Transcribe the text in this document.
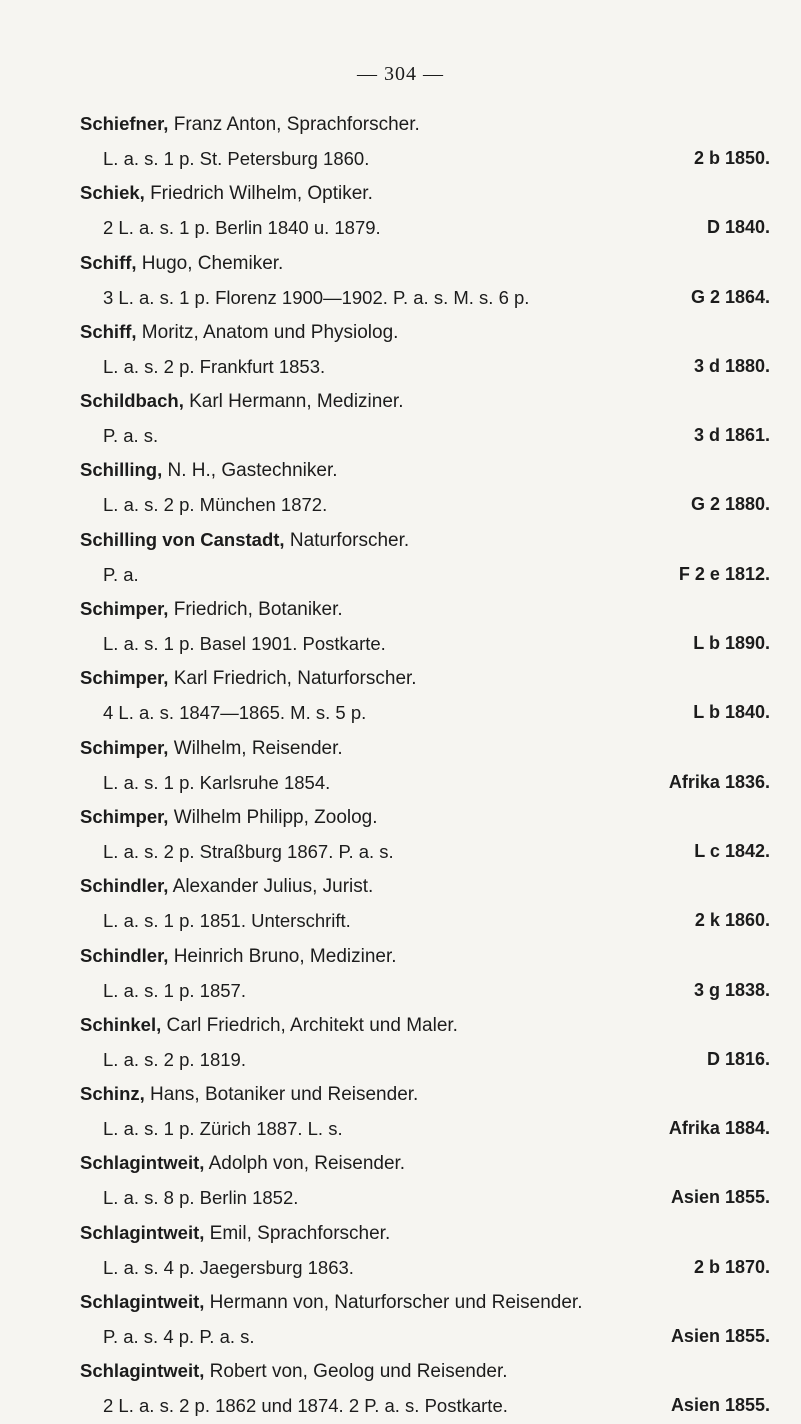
— 304 —
Schiefner, Franz Anton, Sprachforscher.
L. a. s. 1 p. St. Petersburg 1860.	2 b 1850.
Schiek, Friedrich Wilhelm, Optiker.
2 L. a. s. 1 p. Berlin 1840 u. 1879.	D 1840.
Schiff, Hugo, Chemiker.
3 L. a. s. 1 p. Florenz 1900—1902. P. a. s. M. s. 6 p.	G 2 1864.
Schiff, Moritz, Anatom und Physiolog.
L. a. s. 2 p. Frankfurt 1853.	3 d 1880.
Schildbach, Karl Hermann, Mediziner.
P. a. s.	3 d 1861.
Schilling, N. H., Gastechniker.
L. a. s. 2 p. München 1872.	G 2 1880.
Schilling von Canstadt, Naturforscher.
P. a.	F 2 e 1812.
Schimper, Friedrich, Botaniker.
L. a. s. 1 p. Basel 1901. Postkarte.	L b 1890.
Schimper, Karl Friedrich, Naturforscher.
4 L. a. s. 1847—1865. M. s. 5 p.	L b 1840.
Schimper, Wilhelm, Reisender.
L. a. s. 1 p. Karlsruhe 1854.	Afrika 1836.
Schimper, Wilhelm Philipp, Zoolog.
L. a. s. 2 p. Straßburg 1867. P. a. s.	L c 1842.
Schindler, Alexander Julius, Jurist.
L. a. s. 1 p. 1851. Unterschrift.	2 k 1860.
Schindler, Heinrich Bruno, Mediziner.
L. a. s. 1 p. 1857.	3 g 1838.
Schinkel, Carl Friedrich, Architekt und Maler.
L. a. s. 2 p. 1819.	D 1816.
Schinz, Hans, Botaniker und Reisender.
L. a. s. 1 p. Zürich 1887. L. s.	Afrika 1884.
Schlagintweit, Adolph von, Reisender.
L. a. s. 8 p. Berlin 1852.	Asien 1855.
Schlagintweit, Emil, Sprachforscher.
L. a. s. 4 p. Jaegersburg 1863.	2 b 1870.
Schlagintweit, Hermann von, Naturforscher und Reisender.
P. a. s. 4 p. P. a. s.	Asien 1855.
Schlagintweit, Robert von, Geolog und Reisender.
2 L. a. s. 2 p. 1862 und 1874. 2 P. a. s. Postkarte.	Asien 1855.
